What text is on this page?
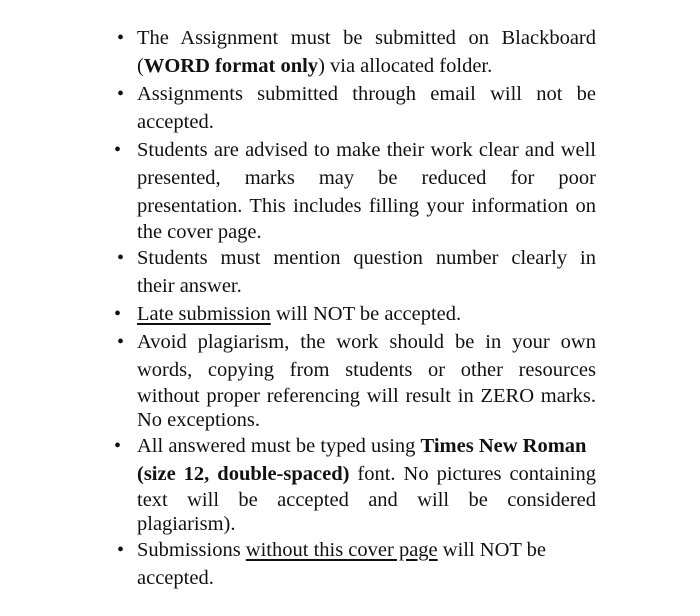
• The Assignment must be submitted on Blackboard
(WORD format only) via allocated folder.
• Assignments submitted through email will not be
accepted.
• Students are advised to make their work clear and well
presented, marks may be reduced for poor
presentation. This includes filling your information on
the cover page.
• Students must mention question number clearly in
their answer.
• Late submission will NOT be accepted.
• Avoid plagiarism, the work should be in your own
words, copying from students or other resources
without proper referencing will result in ZERO marks.
No exceptions.
• All answered must be typed using Times New Roman
(size 12, double-spaced) font. No pictures containing
text will be accepted and will be considered
plagiarism).
• Submissions without this cover page will NOT be
accepted.
